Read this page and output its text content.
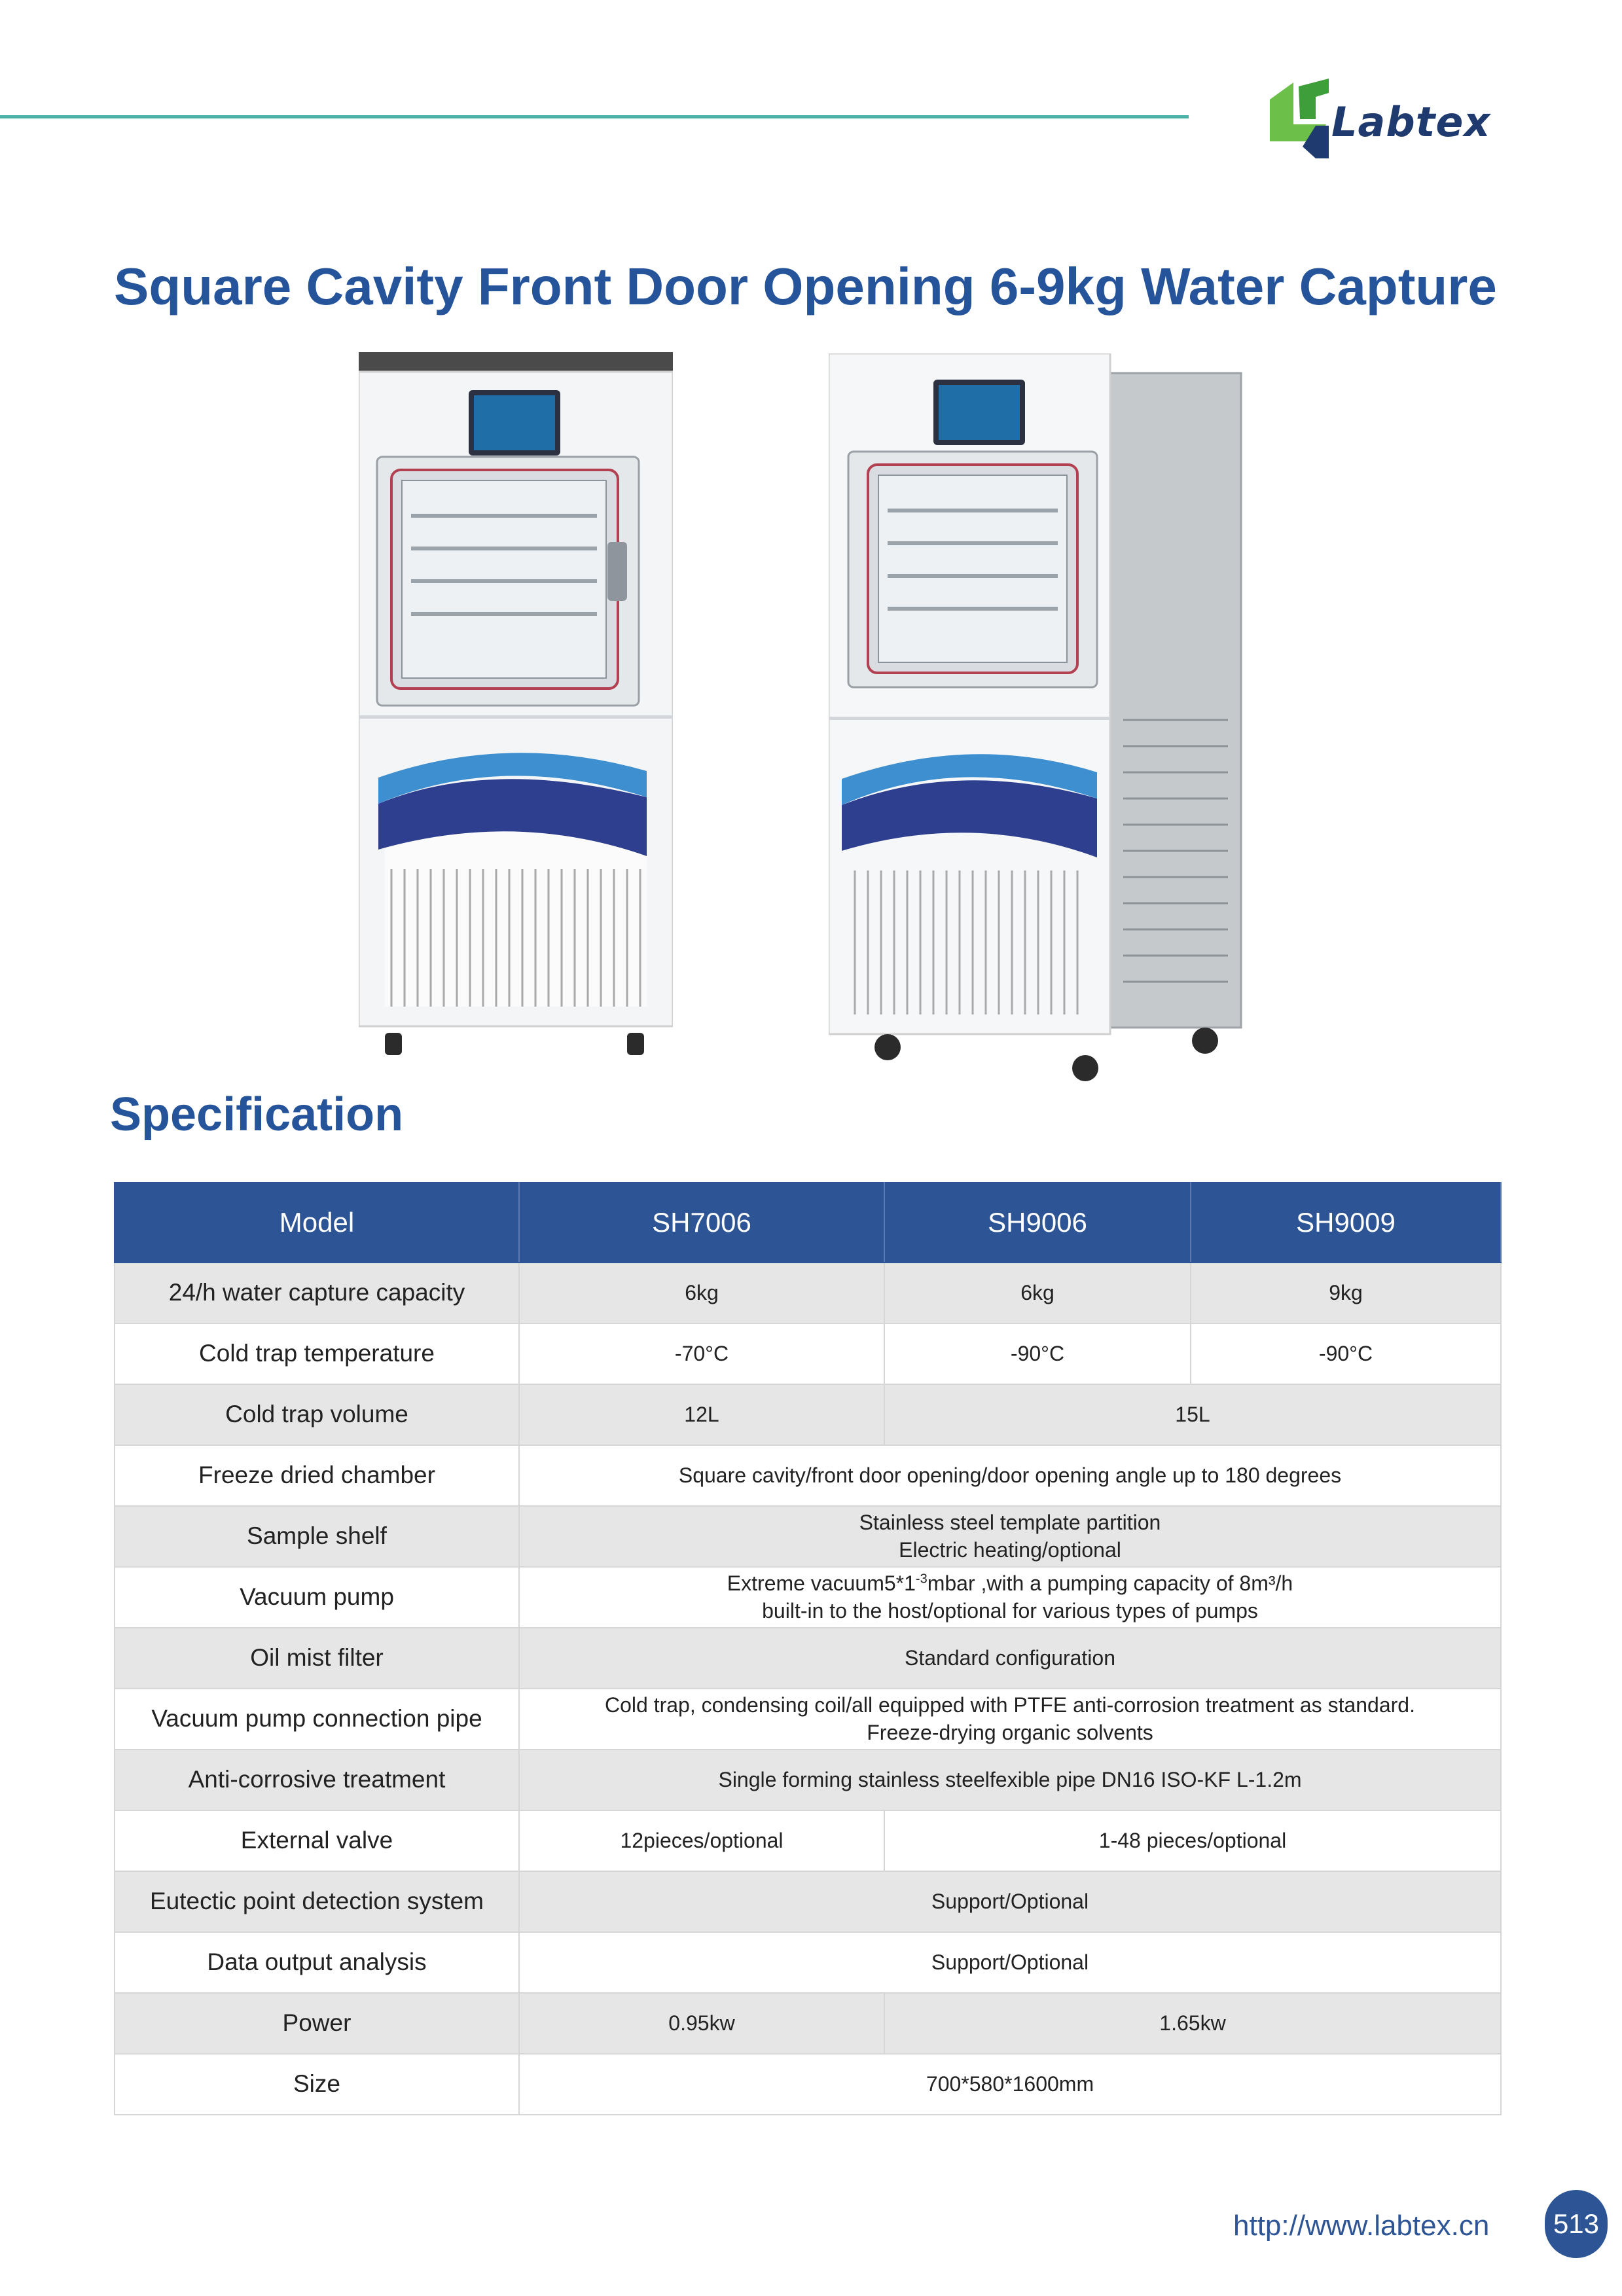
Labtex
Square Cavity Front Door Opening 6-9kg Water Capture
Specification
Model	SH7006	SH9006	SH9009
24/h water capture capacity	6kg	6kg	9kg
Cold trap temperature	-70°C	-90°C	-90°C
Cold trap volume	12L	15L	
Freeze dried chamber	Square cavity/front door opening/door opening angle up to 180 degrees		
Sample shelf	Stainless steel template partition
Electric heating/optional		

Vacuum pump	Extreme $vacuum5*1^{-3}mbar$ ,with a pumping capacity of 8m³/h
built-in to the host/optional for various types of pumps		

Oil mist filter	Standard configuration		
Vacuum pump connection pipe	Cold trap, condensing coil/all equipped with PTFE anti-corrosion treatment as standard.
Freeze-drying organic solvents		

Anti-corrosive treatment	Single forming stainless steelfexible pipe DN16 ISO-KF L-1.2m		
External valve	12pieces/optional	1-48 pieces/optional	
Eutectic point detection system	Support/Optional		
Data output analysis	Support/Optional		
Power	0.95kw	1.65kw	
Size	700*580*1600mm		
http://www.labtex.cn	513
